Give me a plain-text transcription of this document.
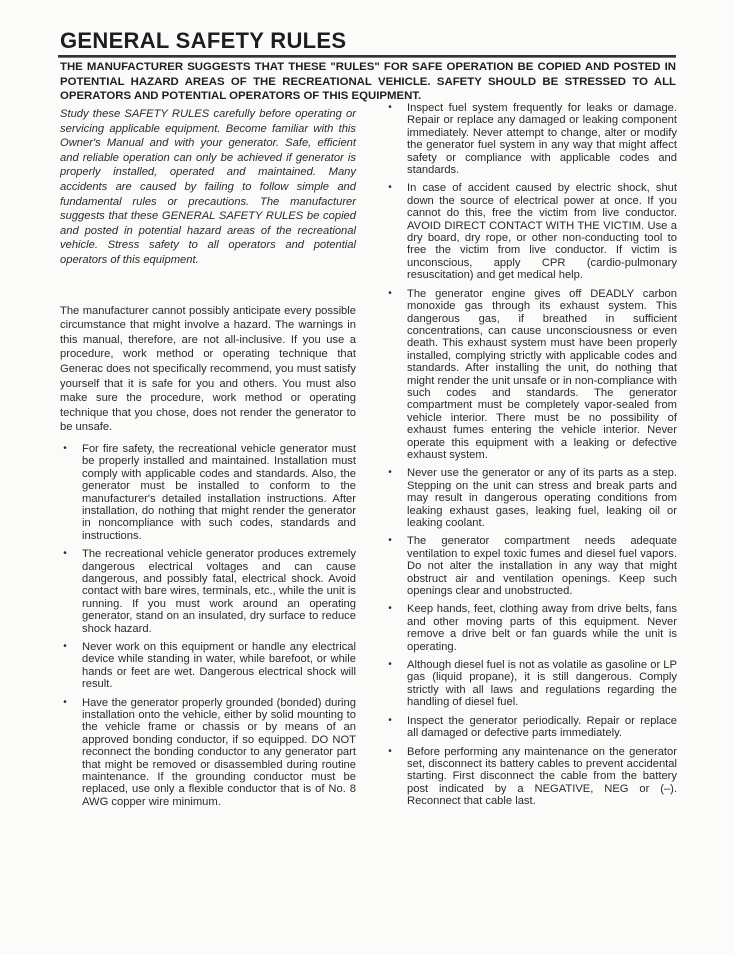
GENERAL SAFETY RULES
THE MANUFACTURER SUGGESTS THAT THESE "RULES" FOR SAFE OPERATION BE COPIED AND POSTED IN POTENTIAL HAZARD AREAS OF THE RECREATIONAL VEHICLE. SAFETY SHOULD BE STRESSED TO ALL OPERATORS AND POTENTIAL OPERATORS OF THIS EQUIPMENT.

Study these SAFETY RULES carefully before operating or servicing applicable equipment. Become familiar with this Owner's Manual and with your generator. Safe, efficient and reliable operation can only be achieved if generator is properly installed, operated and maintained. Many accidents are caused by failing to follow simple and fundamental rules or precautions. The manufacturer suggests that these GENERAL SAFETY RULES be copied and posted in potential hazard areas of the recreational vehicle. Stress safety to all operators and potential operators of this equipment.

The manufacturer cannot possibly anticipate every possible circumstance that might involve a hazard. The warnings in this manual, therefore, are not all-inclusive. If you use a procedure, work method or operating technique that Generac does not specifically recommend, you must satisfy yourself that it is safe for you and others. You must also make sure the procedure, work method or operating technique that you chose, does not render the generator to be unsafe.

• For fire safety, the recreational vehicle generator must be properly installed and maintained. Installation must comply with applicable codes and standards. Also, the generator must be installed to conform to the manufacturer's detailed installation instructions. After installation, do nothing that might render the generator in noncompliance with such codes, standards and instructions.
• The recreational vehicle generator produces extremely dangerous electrical voltages and can cause dangerous, and possibly fatal, electrical shock. Avoid contact with bare wires, terminals, etc., while the unit is running. If you must work around an operating generator, stand on an insulated, dry surface to reduce shock hazard.
• Never work on this equipment or handle any electrical device while standing in water, while barefoot, or while hands or feet are wet. Dangerous electrical shock will result.
• Have the generator properly grounded (bonded) during installation onto the vehicle, either by solid mounting to the vehicle frame or chassis or by means of an approved bonding conductor, if so equipped. DO NOT reconnect the bonding conductor to any generator part that might be removed or disassembled during routine maintenance. If the grounding conductor must be replaced, use only a flexible conductor that is of No. 8 AWG copper wire minimum.
• Inspect fuel system frequently for leaks or damage. Repair or replace any damaged or leaking component immediately. Never attempt to change, alter or modify the generator fuel system in any way that might affect safety or compliance with applicable codes and standards.
• In case of accident caused by electric shock, shut down the source of electrical power at once. If you cannot do this, free the victim from live conductor. AVOID DIRECT CONTACT WITH THE VICTIM. Use a dry board, dry rope, or other non-conducting tool to free the victim from live conductor. If victim is unconscious, apply CPR (cardio-pulmonary resuscitation) and get medical help.
• The generator engine gives off DEADLY carbon monoxide gas through its exhaust system. This dangerous gas, if breathed in sufficient concentrations, can cause unconsciousness or even death. This exhaust system must have been properly installed, complying strictly with applicable codes and standards. After installing the unit, do nothing that might render the unit unsafe or in non-compliance with such codes and standards. The generator compartment must be completely vapor-sealed from vehicle interior. There must be no possibility of exhaust fumes entering the vehicle interior. Never operate this equipment with a leaking or defective exhaust system.
• Never use the generator or any of its parts as a step. Stepping on the unit can stress and break parts and may result in dangerous operating conditions from leaking exhaust gases, leaking fuel, leaking oil or leaking coolant.
• The generator compartment needs adequate ventilation to expel toxic fumes and diesel fuel vapors. Do not alter the installation in any way that might obstruct air and ventilation openings. Keep such openings clear and unobstructed.
• Keep hands, feet, clothing away from drive belts, fans and other moving parts of this equipment. Never remove a drive belt or fan guards while the unit is operating.
• Although diesel fuel is not as volatile as gasoline or LP gas (liquid propane), it is still dangerous. Comply strictly with all laws and regulations regarding the handling of diesel fuel.
• Inspect the generator periodically. Repair or replace all damaged or defective parts immediately.
• Before performing any maintenance on the generator set, disconnect its battery cables to prevent accidental starting. First disconnect the cable from the battery post indicated by a NEGATIVE, NEG or (–). Reconnect that cable last.
